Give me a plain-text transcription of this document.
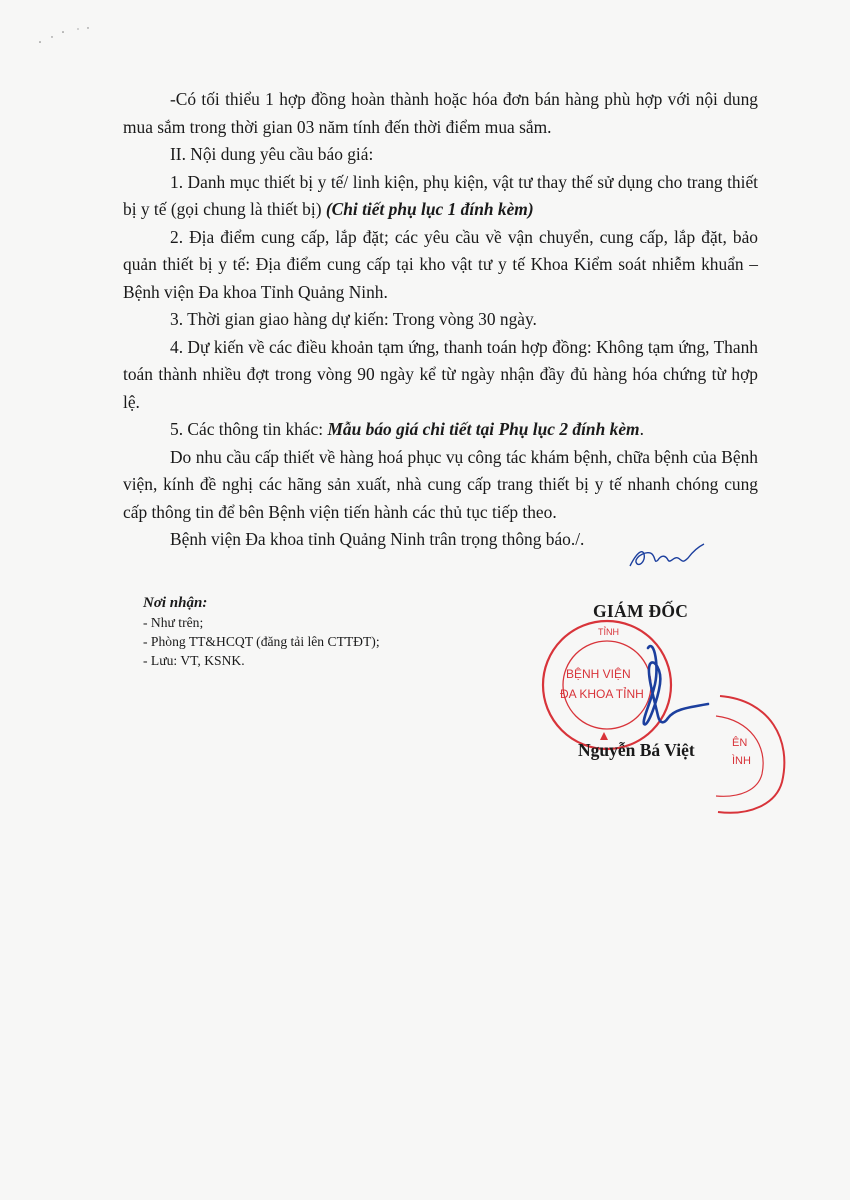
-Có tối thiểu 1 hợp đồng hoàn thành hoặc hóa đơn bán hàng phù hợp với nội dung mua sắm trong thời gian 03 năm tính đến thời điểm mua sắm.

II. Nội dung yêu cầu báo giá:

1. Danh mục thiết bị y tế/ linh kiện, phụ kiện, vật tư thay thế sử dụng cho trang thiết bị y tế (gọi chung là thiết bị) (Chi tiết phụ lục 1 đính kèm)

2. Địa điểm cung cấp, lắp đặt; các yêu cầu về vận chuyển, cung cấp, lắp đặt, bảo quản thiết bị y tế: Địa điểm cung cấp tại kho vật tư y tế Khoa Kiểm soát nhiễm khuẩn – Bệnh viện Đa khoa Tỉnh Quảng Ninh.

3. Thời gian giao hàng dự kiến: Trong vòng 30 ngày.

4. Dự kiến về các điều khoản tạm ứng, thanh toán hợp đồng: Không tạm ứng, Thanh toán thành nhiều đợt trong vòng 90 ngày kể từ ngày nhận đầy đủ hàng hóa chứng từ hợp lệ.

5. Các thông tin khác: Mẫu báo giá chi tiết tại Phụ lục 2 đính kèm.

Do nhu cầu cấp thiết về hàng hoá phục vụ công tác khám bệnh, chữa bệnh của Bệnh viện, kính đề nghị các hãng sản xuất, nhà cung cấp trang thiết bị y tế nhanh chóng cung cấp thông tin để bên Bệnh viện tiến hành các thủ tục tiếp theo.

Bệnh viện Đa khoa tỉnh Quảng Ninh trân trọng thông báo./.

Nơi nhận:
- Như trên;
- Phòng TT&HCQT (đăng tải lên CTTĐT);
- Lưu: VT, KSNK.
GIÁM ĐỐC
TỈNH
BỆNH VIỆN
ĐA KHOA TỈNH
ÊN
ÌNH
Nguyễn Bá Việt
